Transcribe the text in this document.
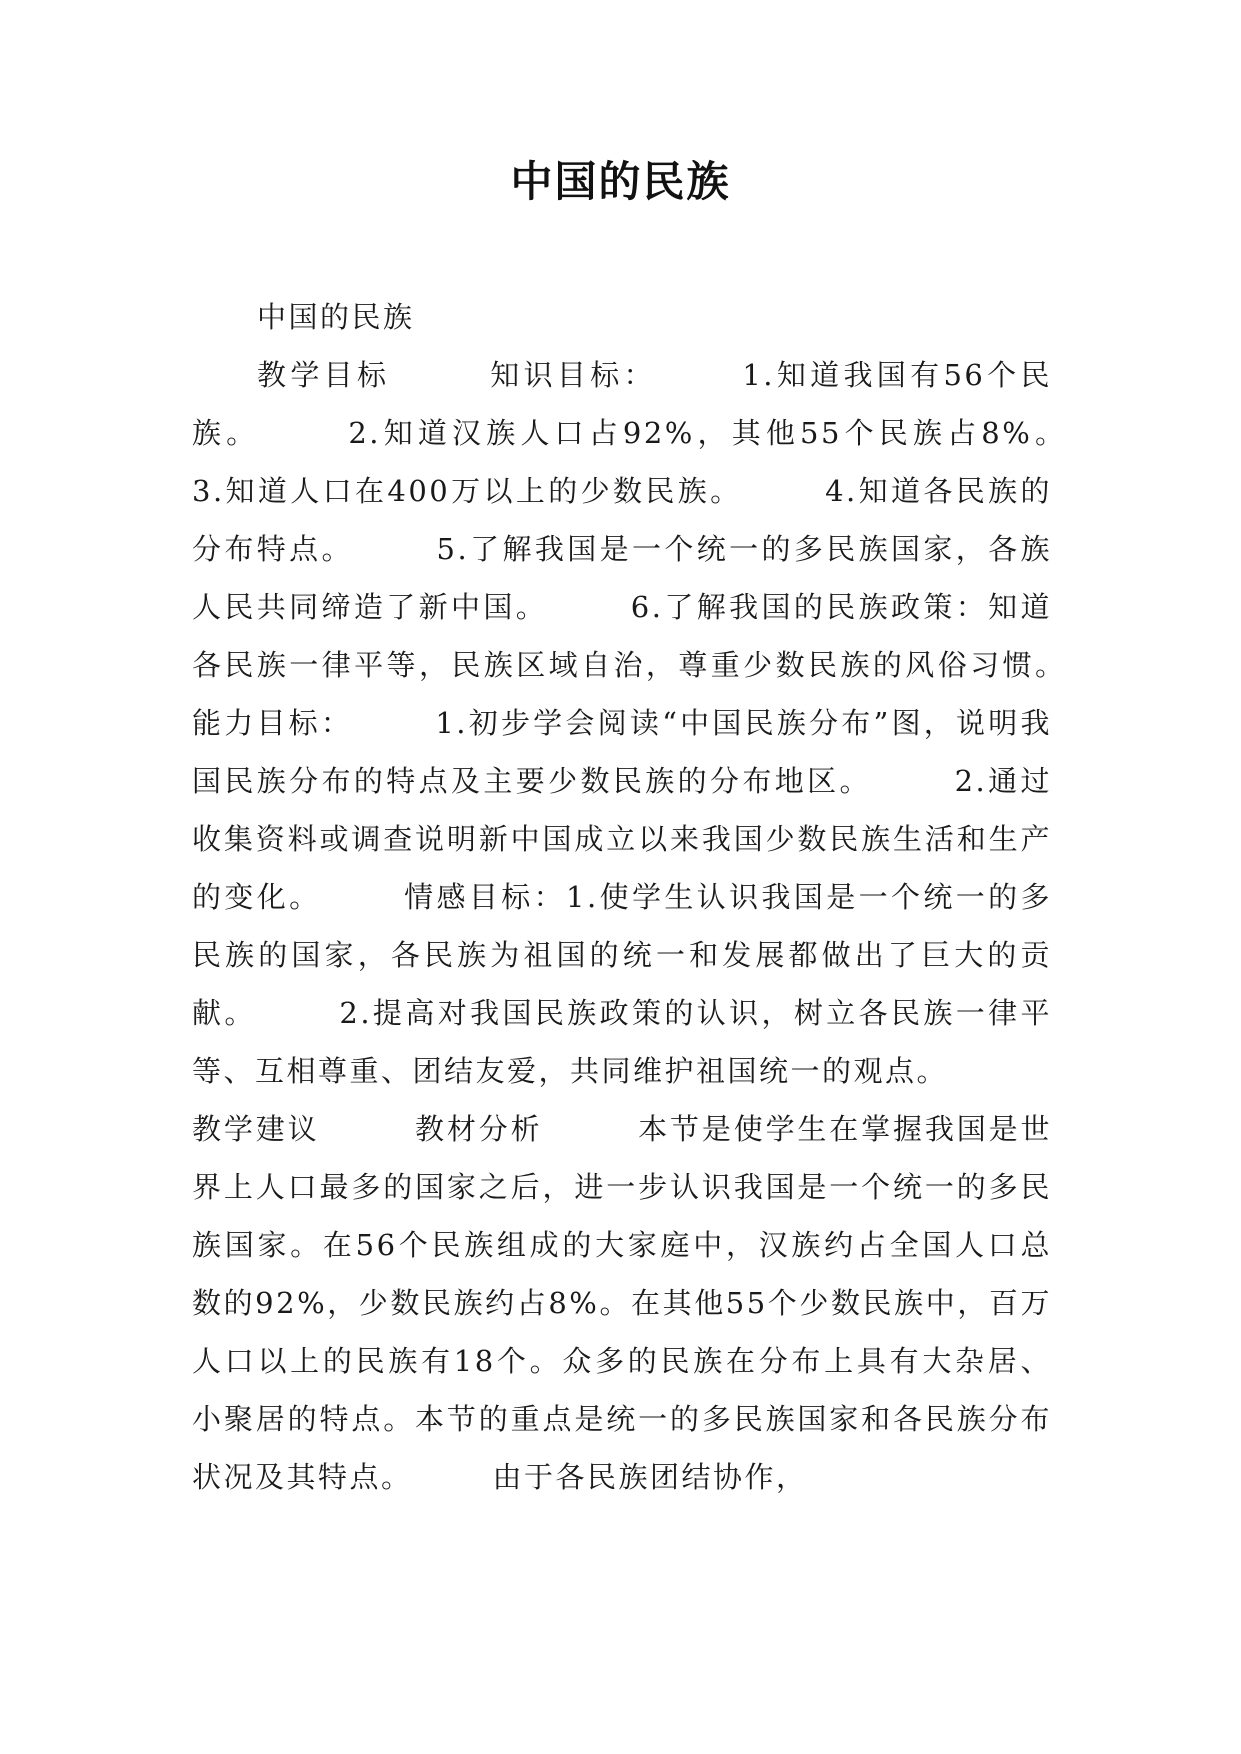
中国的民族

中国的民族

教学目标　　　知识目标：　　　1.知道我国有56个民族。　　　2.知道汉族人口占92%，其他55个民族占8%。　　　3.知道人口在400万以上的少数民族。　　　4.知道各民族的分布特点。　　　5.了解我国是一个统一的多民族国家，各族人民共同缔造了新中国。　　　6.了解我国的民族政策：知道各民族一律平等，民族区域自治，尊重少数民族的风俗习惯。　　　能力目标：　　　1.初步学会阅读“中国民族分布”图，说明我国民族分布的特点及主要少数民族的分布地区。　　　2.通过收集资料或调查说明新中国成立以来我国少数民族生活和生产的变化。　　　情感目标：1.使学生认识我国是一个统一的多民族的国家，各民族为祖国的统一和发展都做出了巨大的贡献。　　　2.提高对我国民族政策的认识，树立各民族一律平等、互相尊重、团结友爱，共同维护祖国统一的观点。

教学建议　　　教材分析　　　本节是使学生在掌握我国是世界上人口最多的国家之后，进一步认识我国是一个统一的多民族国家。在56个民族组成的大家庭中，汉族约占全国人口总数的92%，少数民族约占8%。在其他55个少数民族中，百万人口以上的民族有18个。众多的民族在分布上具有大杂居、小聚居的特点。本节的重点是统一的多民族国家和各民族分布状况及其特点。　　　由于各民族团结协作，
